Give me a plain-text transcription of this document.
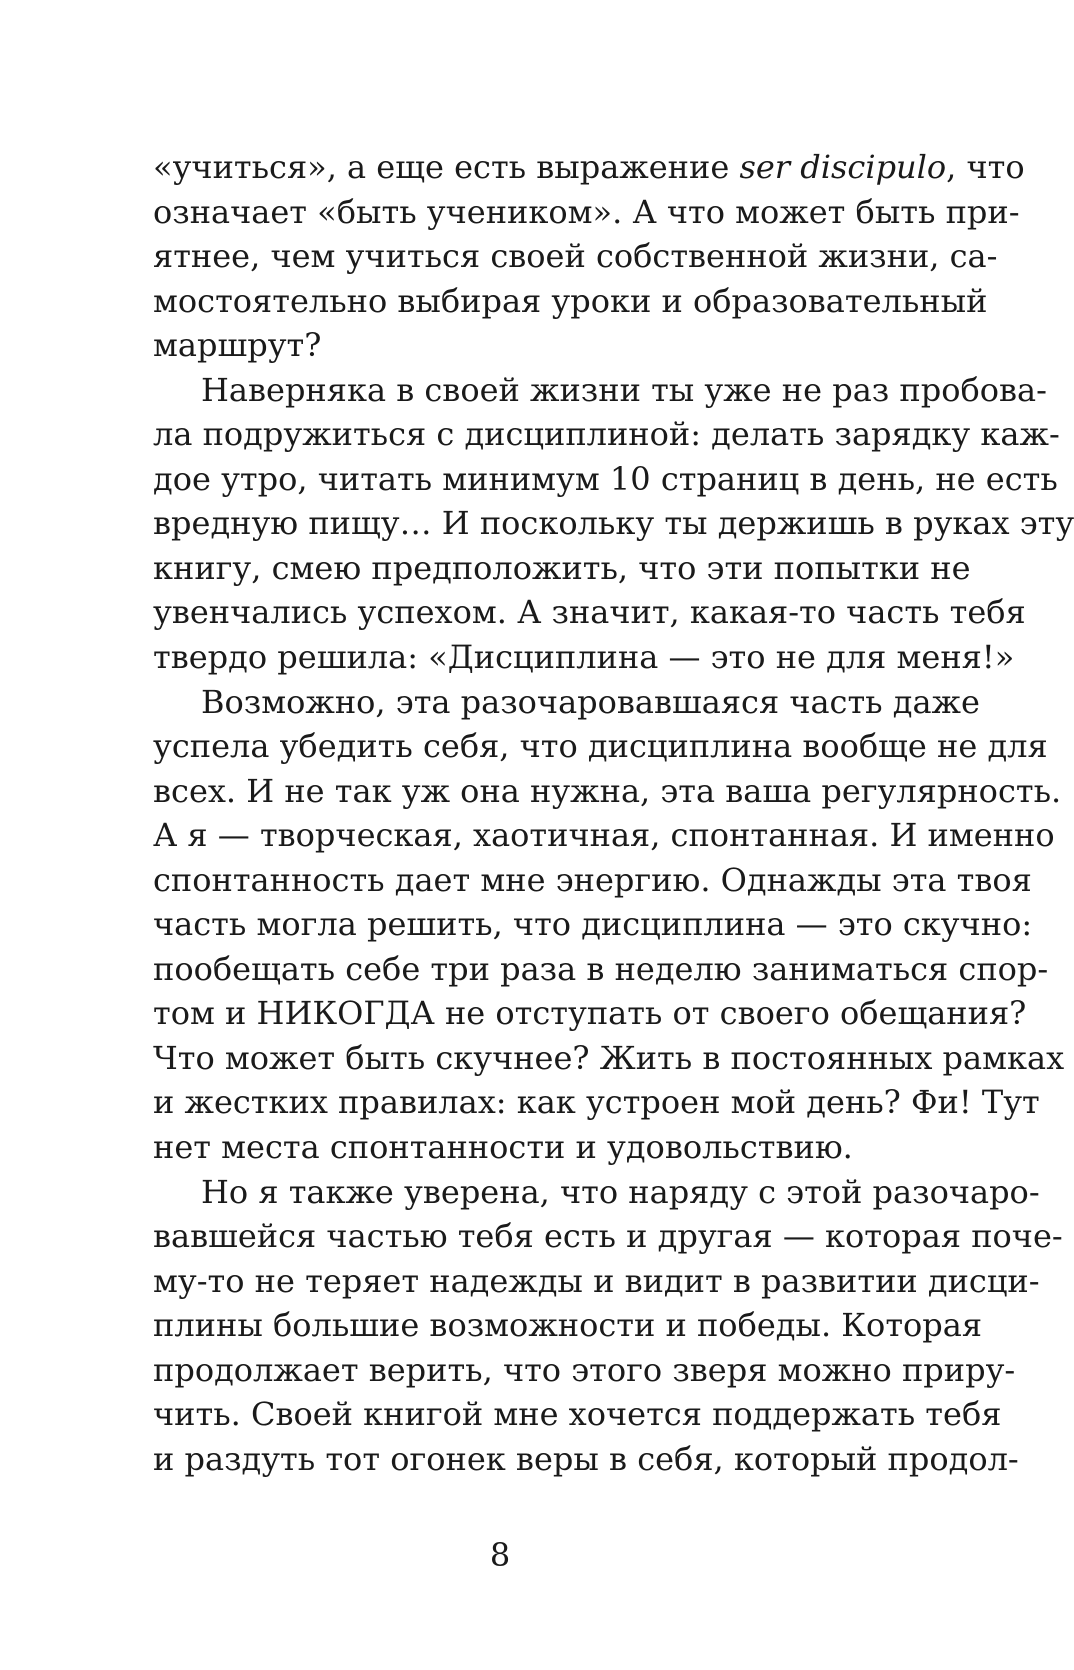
«учиться», а еще есть выражение ser discipulo, что
означает «быть учеником». А что может быть при-
ятнее, чем учиться своей собственной жизни, са-
мостоятельно выбирая уроки и образовательный
маршрут?
Наверняка в своей жизни ты уже не раз пробова-
ла подружиться с дисциплиной: делать зарядку каж-
дое утро, читать минимум 10 страниц в день, не есть
вредную пищу… И поскольку ты держишь в руках эту
книгу, смею предположить, что эти попытки не
увенчались успехом. А значит, какая-то часть тебя
твердо решила: «Дисциплина — это не для меня!»
Возможно, эта разочаровавшаяся часть даже
успела убедить себя, что дисциплина вообще не для
всех. И не так уж она нужна, эта ваша регулярность.
А я — творческая, хаотичная, спонтанная. И именно
спонтанность дает мне энергию. Однажды эта твоя
часть могла решить, что дисциплина — это скучно:
пообещать себе три раза в неделю заниматься спор-
том и НИКОГДА не отступать от своего обещания?
Что может быть скучнее? Жить в постоянных рамках
и жестких правилах: как устроен мой день? Фи! Тут
нет места спонтанности и удовольствию.
Но я также уверена, что наряду с этой разочаро-
вавшейся частью тебя есть и другая — которая поче-
му-то не теряет надежды и видит в развитии дисци-
плины большие возможности и победы. Которая
продолжает верить, что этого зверя можно приру-
чить. Своей книгой мне хочется поддержать тебя
и раздуть тот огонек веры в себя, который продол-
8
